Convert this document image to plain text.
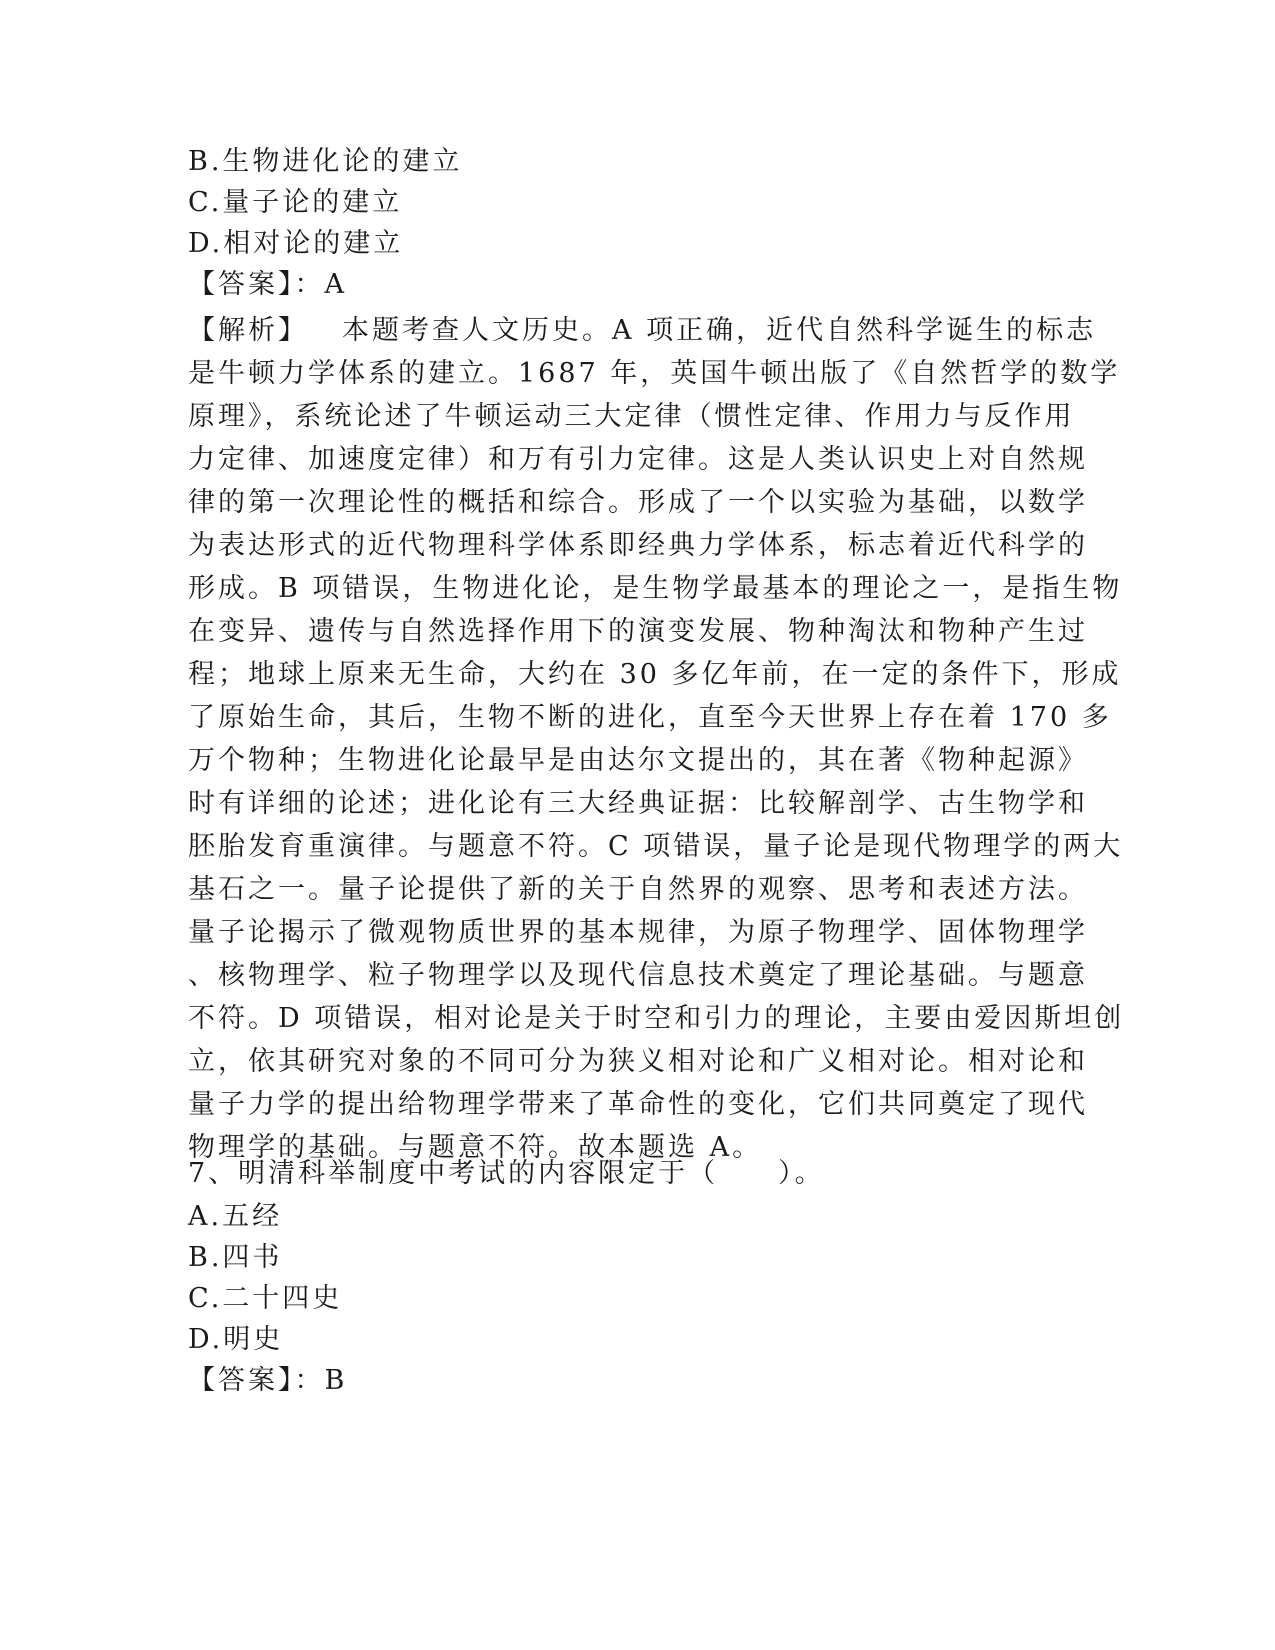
B.生物进化论的建立
C.量子论的建立
D.相对论的建立
【答案】：A
【解析】 本题考查人文历史。A 项正确，近代自然科学诞生的标志
是牛顿力学体系的建立。1687 年，英国牛顿出版了《自然哲学的数学
原理》，系统论述了牛顿运动三大定律（惯性定律、作用力与反作用
力定律、加速度定律）和万有引力定律。这是人类认识史上对自然规
律的第一次理论性的概括和综合。形成了一个以实验为基础，以数学
为表达形式的近代物理科学体系即经典力学体系，标志着近代科学的
形成。B 项错误，生物进化论，是生物学最基本的理论之一，是指生物
在变异、遗传与自然选择作用下的演变发展、物种淘汰和物种产生过
程；地球上原来无生命，大约在 30 多亿年前，在一定的条件下，形成
了原始生命，其后，生物不断的进化，直至今天世界上存在着 170 多
万个物种；生物进化论最早是由达尔文提出的，其在著《物种起源》
时有详细的论述；进化论有三大经典证据：比较解剖学、古生物学和
胚胎发育重演律。与题意不符。C 项错误，量子论是现代物理学的两大
基石之一。量子论提供了新的关于自然界的观察、思考和表述方法。
量子论揭示了微观物质世界的基本规律，为原子物理学、固体物理学
、核物理学、粒子物理学以及现代信息技术奠定了理论基础。与题意
不符。D 项错误，相对论是关于时空和引力的理论，主要由爱因斯坦创
立，依其研究对象的不同可分为狭义相对论和广义相对论。相对论和
量子力学的提出给物理学带来了革命性的变化，它们共同奠定了现代
物理学的基础。与题意不符。故本题选 A。
7、明清科举制度中考试的内容限定于（　　）。
A.五经
B.四书
C.二十四史
D.明史
【答案】：B
